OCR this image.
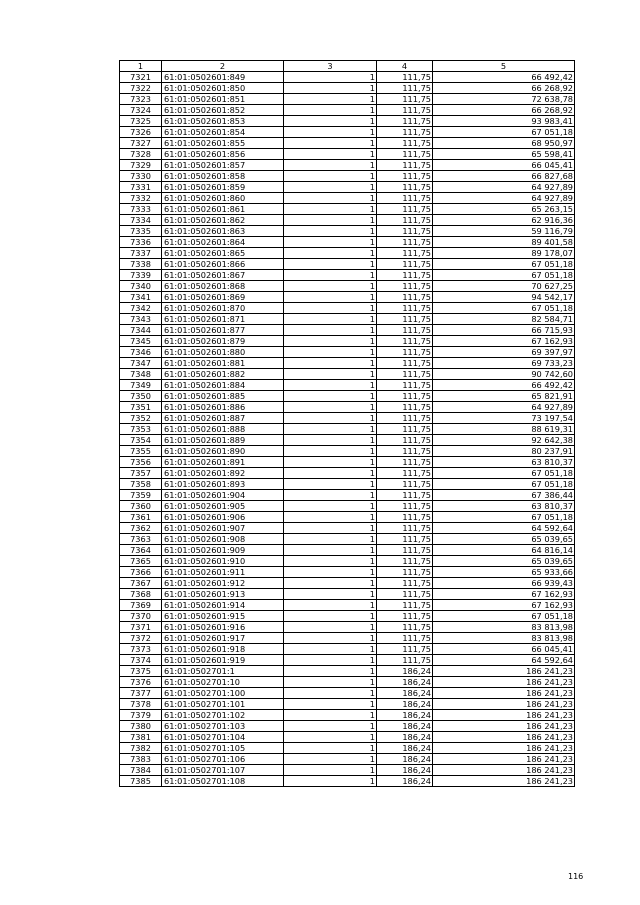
1	2	3	4	5
7321	61:01:0502601:849	1	111,75	66 492,42
7322	61:01:0502601:850	1	111,75	66 268,92
7323	61:01:0502601:851	1	111,75	72 638,78
7324	61:01:0502601:852	1	111,75	66 268,92
7325	61:01:0502601:853	1	111,75	93 983,41
7326	61:01:0502601:854	1	111,75	67 051,18
7327	61:01:0502601:855	1	111,75	68 950,97
7328	61:01:0502601:856	1	111,75	65 598,41
7329	61:01:0502601:857	1	111,75	66 045,41
7330	61:01:0502601:858	1	111,75	66 827,68
7331	61:01:0502601:859	1	111,75	64 927,89
7332	61:01:0502601:860	1	111,75	64 927,89
7333	61:01:0502601:861	1	111,75	65 263,15
7334	61:01:0502601:862	1	111,75	62 916,36
7335	61:01:0502601:863	1	111,75	59 116,79
7336	61:01:0502601:864	1	111,75	89 401,58
7337	61:01:0502601:865	1	111,75	89 178,07
7338	61:01:0502601:866	1	111,75	67 051,18
7339	61:01:0502601:867	1	111,75	67 051,18
7340	61:01:0502601:868	1	111,75	70 627,25
7341	61:01:0502601:869	1	111,75	94 542,17
7342	61:01:0502601:870	1	111,75	67 051,18
7343	61:01:0502601:871	1	111,75	82 584,71
7344	61:01:0502601:877	1	111,75	66 715,93
7345	61:01:0502601:879	1	111,75	67 162,93
7346	61:01:0502601:880	1	111,75	69 397,97
7347	61:01:0502601:881	1	111,75	69 733,23
7348	61:01:0502601:882	1	111,75	90 742,60
7349	61:01:0502601:884	1	111,75	66 492,42
7350	61:01:0502601:885	1	111,75	65 821,91
7351	61:01:0502601:886	1	111,75	64 927,89
7352	61:01:0502601:887	1	111,75	73 197,54
7353	61:01:0502601:888	1	111,75	88 619,31
7354	61:01:0502601:889	1	111,75	92 642,38
7355	61:01:0502601:890	1	111,75	80 237,91
7356	61:01:0502601:891	1	111,75	63 810,37
7357	61:01:0502601:892	1	111,75	67 051,18
7358	61:01:0502601:893	1	111,75	67 051,18
7359	61:01:0502601:904	1	111,75	67 386,44
7360	61:01:0502601:905	1	111,75	63 810,37
7361	61:01:0502601:906	1	111,75	67 051,18
7362	61:01:0502601:907	1	111,75	64 592,64
7363	61:01:0502601:908	1	111,75	65 039,65
7364	61:01:0502601:909	1	111,75	64 816,14
7365	61:01:0502601:910	1	111,75	65 039,65
7366	61:01:0502601:911	1	111,75	65 933,66
7367	61:01:0502601:912	1	111,75	66 939,43
7368	61:01:0502601:913	1	111,75	67 162,93
7369	61:01:0502601:914	1	111,75	67 162,93
7370	61:01:0502601:915	1	111,75	67 051,18
7371	61:01:0502601:916	1	111,75	83 813,98
7372	61:01:0502601:917	1	111,75	83 813,98
7373	61:01:0502601:918	1	111,75	66 045,41
7374	61:01:0502601:919	1	111,75	64 592,64
7375	61:01:0502701:1	1	186,24	186 241,23
7376	61:01:0502701:10	1	186,24	186 241,23
7377	61:01:0502701:100	1	186,24	186 241,23
7378	61:01:0502701:101	1	186,24	186 241,23
7379	61:01:0502701:102	1	186,24	186 241,23
7380	61:01:0502701:103	1	186,24	186 241,23
7381	61:01:0502701:104	1	186,24	186 241,23
7382	61:01:0502701:105	1	186,24	186 241,23
7383	61:01:0502701:106	1	186,24	186 241,23
7384	61:01:0502701:107	1	186,24	186 241,23
7385	61:01:0502701:108	1	186,24	186 241,23
116
